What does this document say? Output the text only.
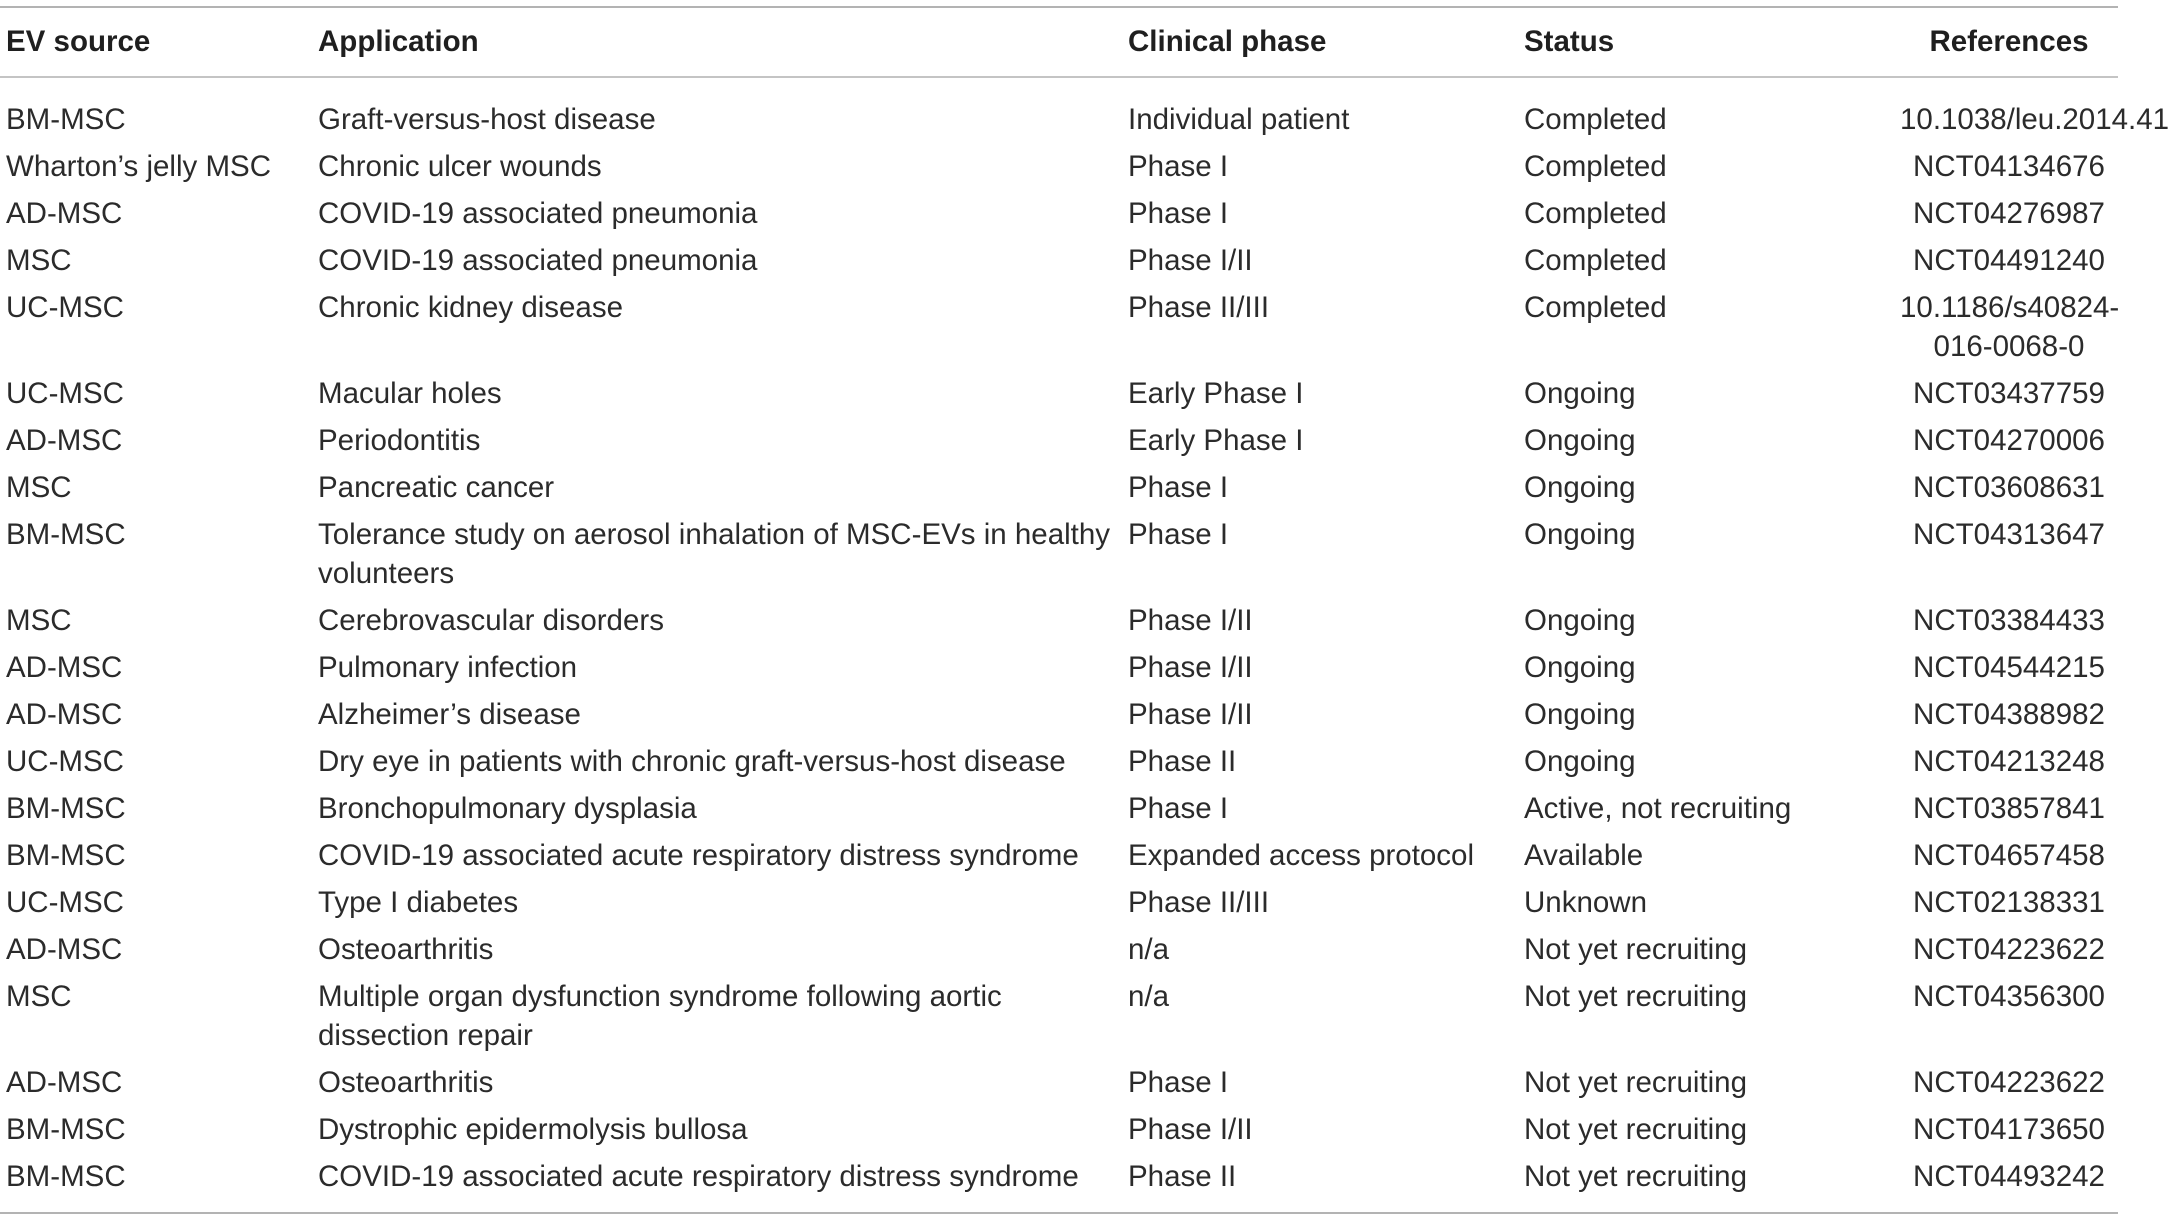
EV source	Application	Clinical phase	Status	References
BM-MSC	Graft-versus-host disease	Individual patient	Completed	10.1038/leu.2014.41
Wharton’s jelly MSC	Chronic ulcer wounds	Phase I	Completed	NCT04134676
AD-MSC	COVID-19 associated pneumonia	Phase I	Completed	NCT04276987
MSC	COVID-19 associated pneumonia	Phase I/II	Completed	NCT04491240
UC-MSC	Chronic kidney disease	Phase II/III	Completed	10.1186/s40824-016-0068-0
UC-MSC	Macular holes	Early Phase I	Ongoing	NCT03437759
AD-MSC	Periodontitis	Early Phase I	Ongoing	NCT04270006
MSC	Pancreatic cancer	Phase I	Ongoing	NCT03608631
BM-MSC	Tolerance study on aerosol inhalation of MSC-EVs in healthy volunteers	Phase I	Ongoing	NCT04313647
MSC	Cerebrovascular disorders	Phase I/II	Ongoing	NCT03384433
AD-MSC	Pulmonary infection	Phase I/II	Ongoing	NCT04544215
AD-MSC	Alzheimer’s disease	Phase I/II	Ongoing	NCT04388982
UC-MSC	Dry eye in patients with chronic graft-versus-host disease	Phase II	Ongoing	NCT04213248
BM-MSC	Bronchopulmonary dysplasia	Phase I	Active, not recruiting	NCT03857841
BM-MSC	COVID-19 associated acute respiratory distress syndrome	Expanded access protocol	Available	NCT04657458
UC-MSC	Type I diabetes	Phase II/III	Unknown	NCT02138331
AD-MSC	Osteoarthritis	n/a	Not yet recruiting	NCT04223622
MSC	Multiple organ dysfunction syndrome following aortic dissection repair	n/a	Not yet recruiting	NCT04356300
AD-MSC	Osteoarthritis	Phase I	Not yet recruiting	NCT04223622
BM-MSC	Dystrophic epidermolysis bullosa	Phase I/II	Not yet recruiting	NCT04173650
BM-MSC	COVID-19 associated acute respiratory distress syndrome	Phase II	Not yet recruiting	NCT04493242
